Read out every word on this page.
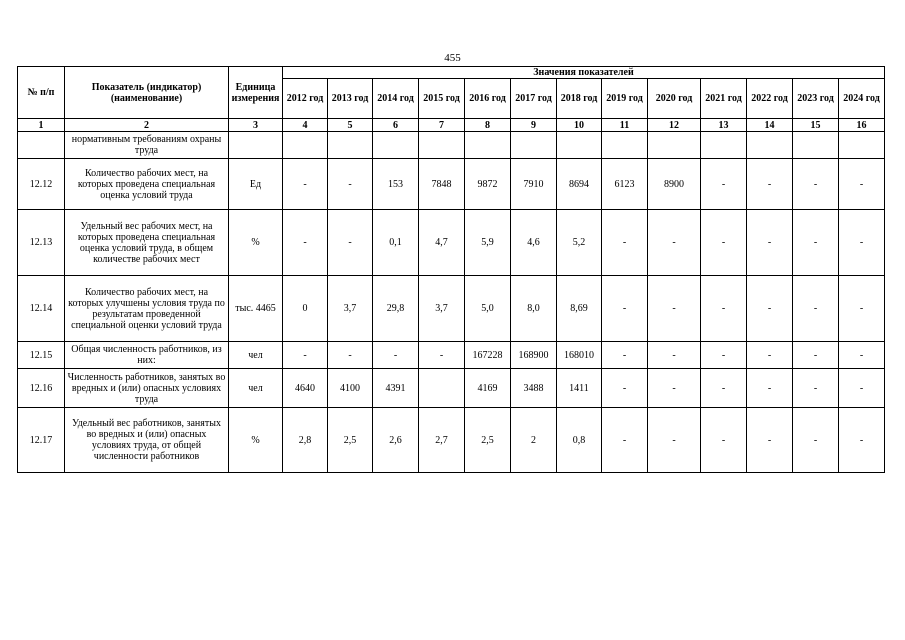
455
№ п/п	Показатель (индикатор) (наименование)	Единица измерения	Значения показателей												
			2012 год	2013 год	2014 год	2015 год	2016 год	2017 год	2018 год	2019 год	2020 год	2021 год	2022 год	2023 год	2024 год
1	2	3	4	5	6	7	8	9	10	11	12	13	14	15	16
	нормативным требованиям охраны труда														
12.12	Количество рабочих мест, на которых проведена специальная оценка условий труда	Ед	-	-	153	7848	9872	7910	8694	6123	8900	-	-	-	-
12.13	Удельный вес рабочих мест, на которых проведена специальная оценка условий труда, в общем количестве рабочих мест	%	-	-	0,1	4,7	5,9	4,6	5,2	-	-	-	-	-	-
12.14	Количество рабочих мест, на которых улучшены условия труда по результатам проведенной специальной оценки условий труда	тыс. 4465	0	3,7	29,8	3,7	5,0	8,0	8,69	-	-	-	-	-	-
12.15	Общая численность работников, из них:	чел	-	-	-	-	167228	168900	168010	-	-	-	-	-	-
12.16	Численность работников, занятых во вредных и (или) опасных условиях труда	чел	4640	4100	4391		4169	3488	1411	-	-	-	-	-	-
12.17	Удельный вес работников, занятых во вредных и (или) опасных условиях труда, от общей численности работников	%	2,8	2,5	2,6	2,7	2,5	2	0,8	-	-	-	-	-	-
